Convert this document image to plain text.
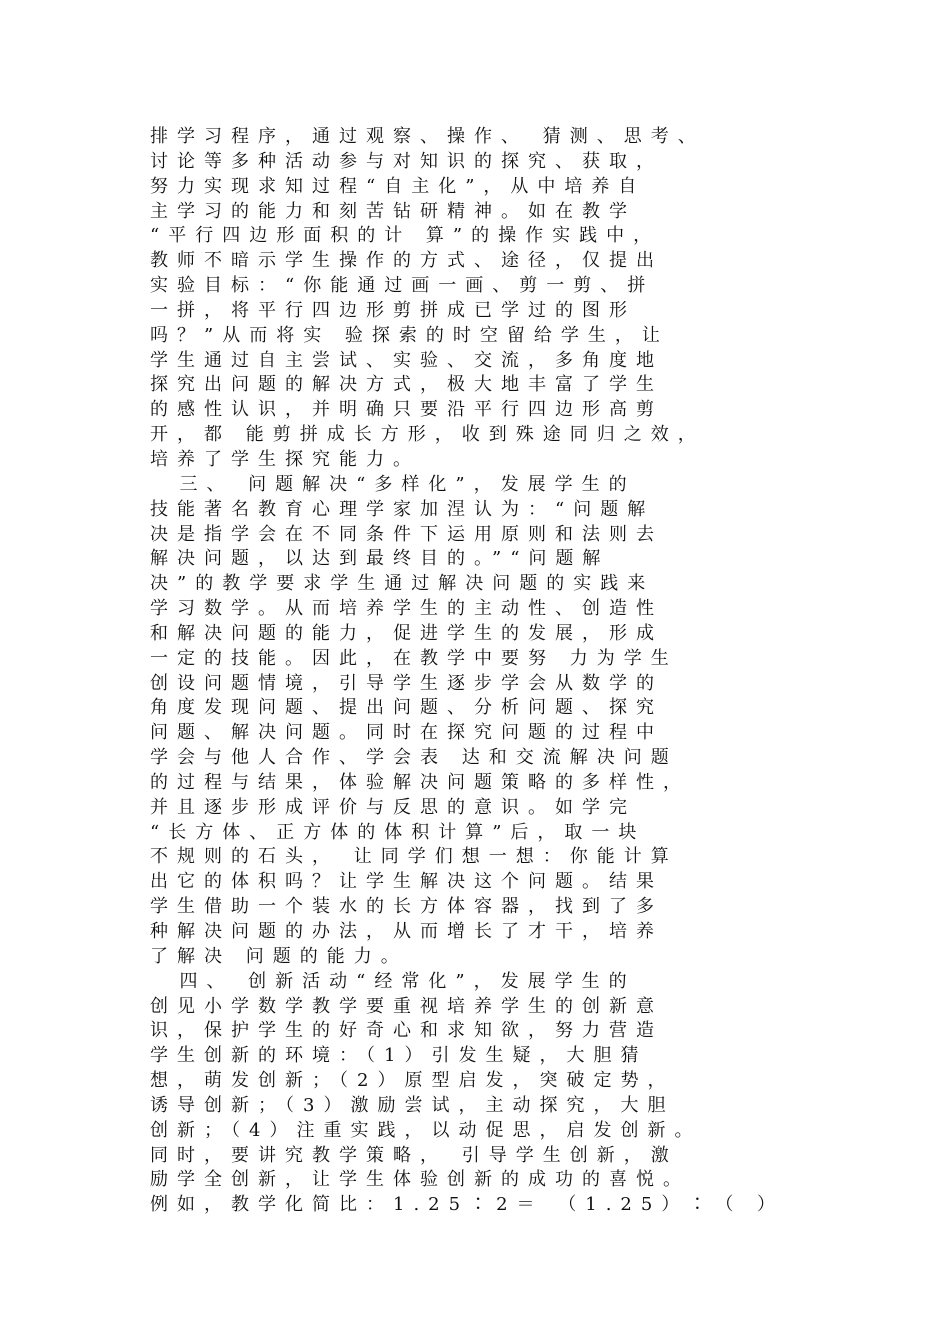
排学习程序，通过观察、操作、 猜测、思考、
讨论等多种活动参与对知识的探究、获取，
努力实现求知过程“自主化”，从中培养自
主学习的能力和刻苦钻研精神。如在教学
“平行四边形面积的计 算”的操作实践中，
教师不暗示学生操作的方式、途径，仅提出
实验目标：“你能通过画一画、剪一剪、拼
一拼，将平行四边形剪拼成已学过的图形
吗？”从而将实 验探索的时空留给学生，让
学生通过自主尝试、实验、交流，多角度地
探究出问题的解决方式，极大地丰富了学生
的感性认识，并明确只要沿平行四边形高剪
开，都 能剪拼成长方形，收到殊途同归之效，
培养了学生探究能力。
三、 问题解决“多样化”，发展学生的
技能著名教育心理学家加涅认为：“问题解
决是指学会在不同条件下运用原则和法则去
解决问题，以达到最终目的。”“问题解
决”的教学要求学生通过解决问题的实践来
学习数学。从而培养学生的主动性、创造性
和解决问题的能力，促进学生的发展，形成
一定的技能。因此，在教学中要努 力为学生
创设问题情境，引导学生逐步学会从数学的
角度发现问题、提出问题、分析问题、探究
问题、解决问题。同时在探究问题的过程中
学会与他人合作、学会表 达和交流解决问题
的过程与结果，体验解决问题策略的多样性，
并且逐步形成评价与反思的意识。如学完
“长方体、正方体的体积计算”后，取一块
不规则的石头， 让同学们想一想：你能计算
出它的体积吗？让学生解决这个问题。结果
学生借助一个装水的长方体容器，找到了多
种解决问题的办法，从而增长了才干，培养
了解决 问题的能力。
四、 创新活动“经常化”，发展学生的
创见小学数学教学要重视培养学生的创新意
识，保护学生的好奇心和求知欲，努力营造
学生创新的环境：（1）引发生疑，大胆猜
想，萌发创新；（2）原型启发，突破定势，
诱导创新；（3）激励尝试，主动探究，大胆
创新；（4）注重实践，以动促思，启发创新。
同时，要讲究教学策略， 引导学生创新，激
励学全创新，让学生体验创新的成功的喜悦。
例如，教学化简比：1.25∶2＝ （1.25）∶（ ）
